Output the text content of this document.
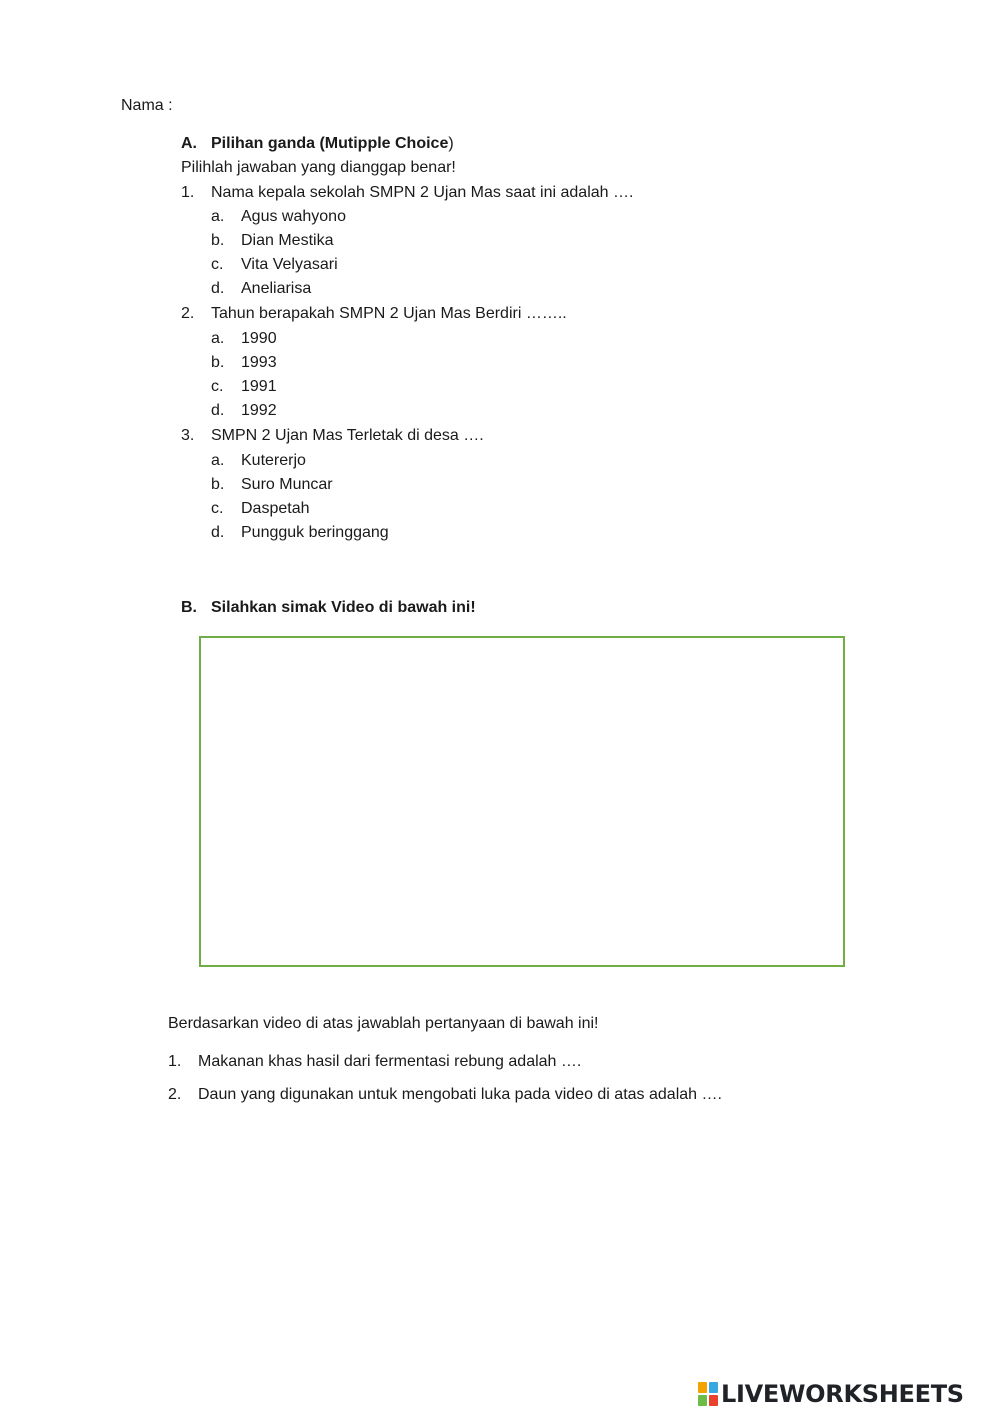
Nama :
A. Pilihan ganda (Mutipple Choice)
Pilihlah jawaban yang dianggap benar!
1. Nama kepala sekolah SMPN 2 Ujan Mas saat ini adalah ….
a. Agus wahyono
b. Dian Mestika
c. Vita Velyasari
d. Aneliarisa
2. Tahun berapakah SMPN 2 Ujan Mas Berdiri ……..
a. 1990
b. 1993
c. 1991
d. 1992
3. SMPN 2 Ujan Mas Terletak di desa ….
a. Kutererjo
b. Suro Muncar
c. Daspetah
d. Pungguk beringgang
B. Silahkan simak Video di bawah ini!
Berdasarkan video di atas jawablah pertanyaan di bawah ini!
1. Makanan khas hasil dari fermentasi rebung adalah ….
2. Daun yang digunakan untuk mengobati luka pada video di atas adalah ….
LIVEWORKSHEETS
